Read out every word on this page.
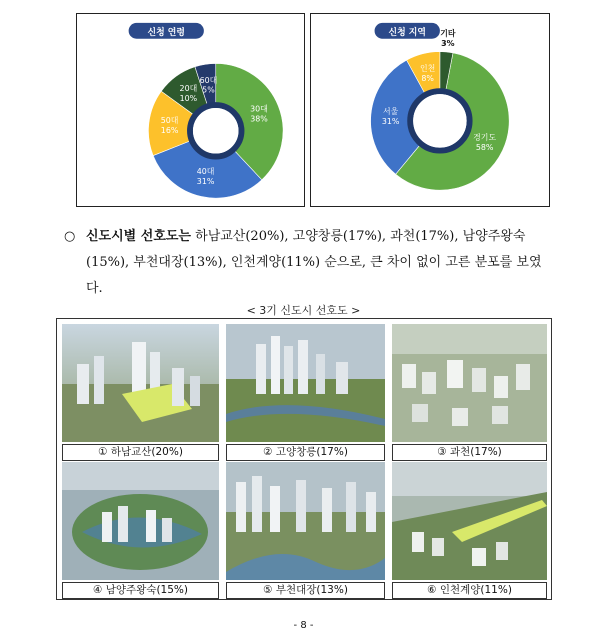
신청 연령
30대 38%
40대 31%
50대 16%
20대 10%
60대 5%
신청 지역
경기도 58%
서울 31%
인천 8%
기타 3%
○ 신도시별 선호도는 하남교산(20%), 고양창릉(17%), 과천(17%), 남양주왕숙(15%), 부천대장(13%), 인천계양(11%) 순으로, 큰 차이 없이 고른 분포를 보였다.
< 3기 신도시 선호도 >
① 하남교산(20%)	② 고양창릉(17%)	③ 과천(17%)
④ 남양주왕숙(15%)	⑤ 부천대장(13%)	⑥ 인천계양(11%)
- 8 -
